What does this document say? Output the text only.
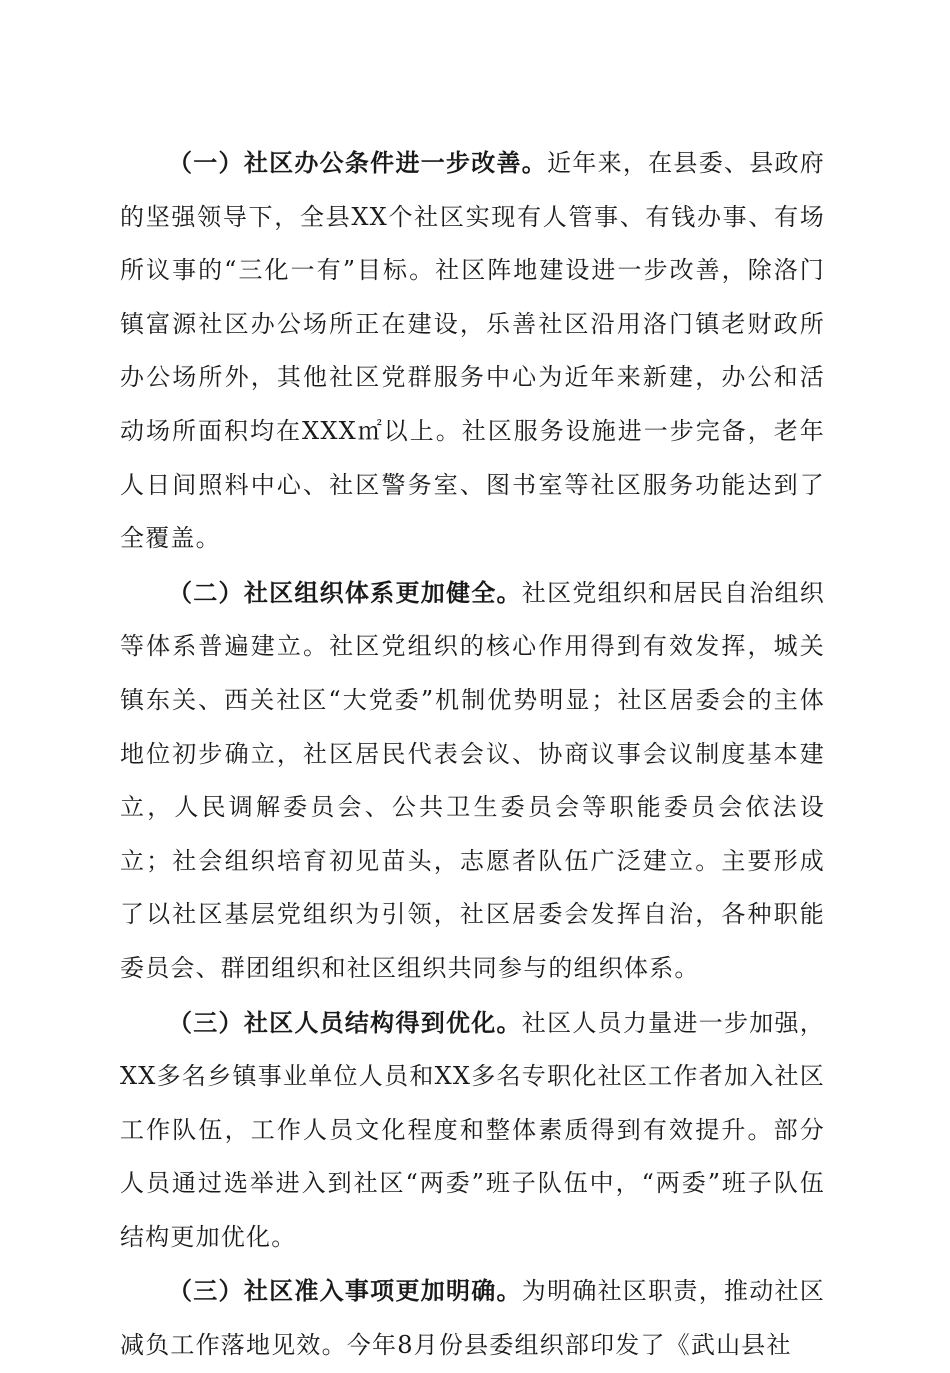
（一）社区办公条件进一步改善。近年来，在县委、县政府的坚强领导下，全县XX个社区实现有人管事、有钱办事、有场所议事的“三化一有”目标。社区阵地建设进一步改善，除洛门镇富源社区办公场所正在建设，乐善社区沿用洛门镇老财政所办公场所外，其他社区党群服务中心为近年来新建，办公和活动场所面积均在XXX㎡以上。社区服务设施进一步完备，老年人日间照料中心、社区警务室、图书室等社区服务功能达到了全覆盖。

（二）社区组织体系更加健全。社区党组织和居民自治组织等体系普遍建立。社区党组织的核心作用得到有效发挥，城关镇东关、西关社区“大党委”机制优势明显；社区居委会的主体地位初步确立，社区居民代表会议、协商议事会议制度基本建立，人民调解委员会、公共卫生委员会等职能委员会依法设立；社会组织培育初见苗头，志愿者队伍广泛建立。主要形成了以社区基层党组织为引领，社区居委会发挥自治，各种职能委员会、群团组织和社区组织共同参与的组织体系。

（三）社区人员结构得到优化。社区人员力量进一步加强，XX多名乡镇事业单位人员和XX多名专职化社区工作者加入社区工作队伍，工作人员文化程度和整体素质得到有效提升。部分人员通过选举进入到社区“两委”班子队伍中，“两委”班子队伍结构更加优化。

（三）社区准入事项更加明确。为明确社区职责，推动社区减负工作落地见效。今年8月份县委组织部印发了《武山县社
